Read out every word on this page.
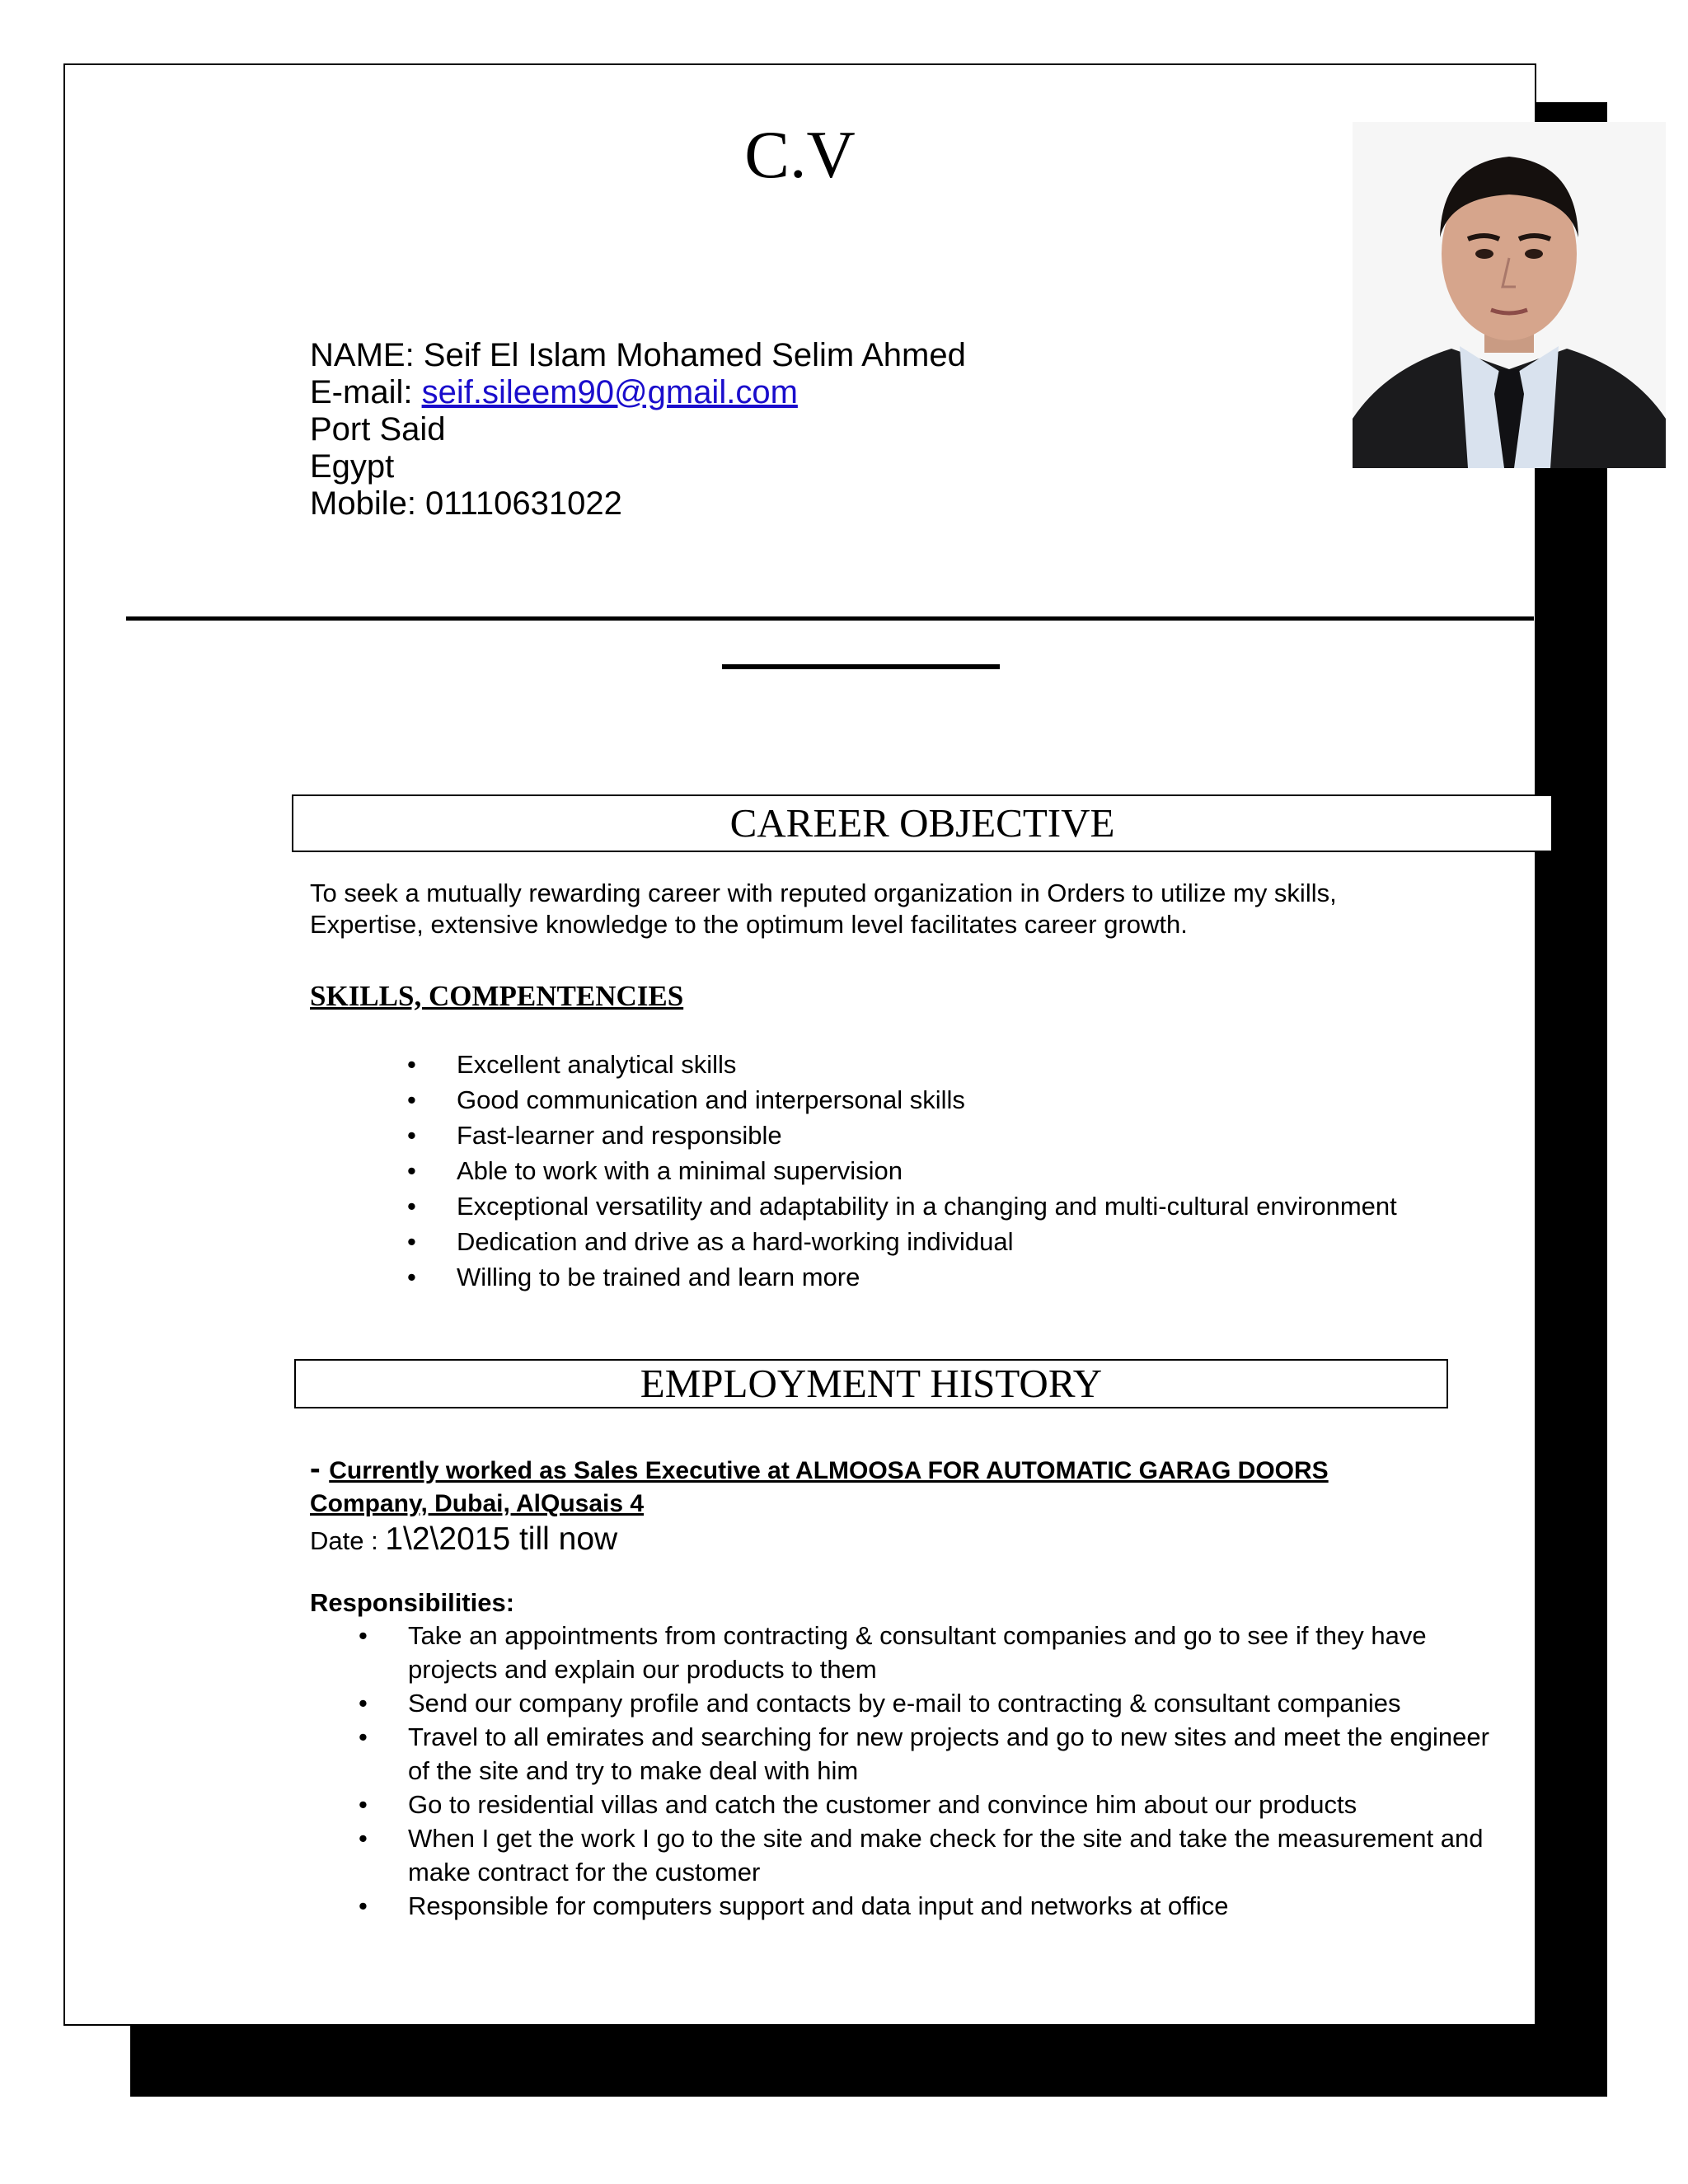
C.V
NAME: Seif El Islam Mohamed Selim Ahmed
E-mail: seif.sileem90@gmail.com
Port Said
Egypt
Mobile: 01110631022
CAREER OBJECTIVE
To seek a mutually rewarding career with reputed organization in Orders to utilize my skills,
Expertise, extensive knowledge to the optimum level facilitates career growth.
SKILLS, COMPENTENCIES
• Excellent analytical skills
• Good communication and interpersonal skills
• Fast-learner and responsible
• Able to work with a minimal supervision
• Exceptional versatility and adaptability in a changing and multi-cultural environment
• Dedication and drive as a hard-working individual
• Willing to be trained and learn more
EMPLOYMENT HISTORY
- Currently worked as Sales Executive at ALMOOSA FOR AUTOMATIC GARAG DOORS
Company, Dubai, AlQusais 4
Date : 1\2\2015 till now
Responsibilities:
• Take an appointments from contracting & consultant companies and go to see if they have projects and explain our products to them
• Send our company profile and contacts by e-mail to contracting & consultant companies
• Travel to all emirates and searching for new projects and go to new sites and meet the engineer of the site and try to make deal with him
• Go to residential villas and catch the customer and convince him about our products
• When I get the work I go to the site and make check for the site and take the measurement and make contract for the customer
• Responsible for computers support and data input and networks at office
